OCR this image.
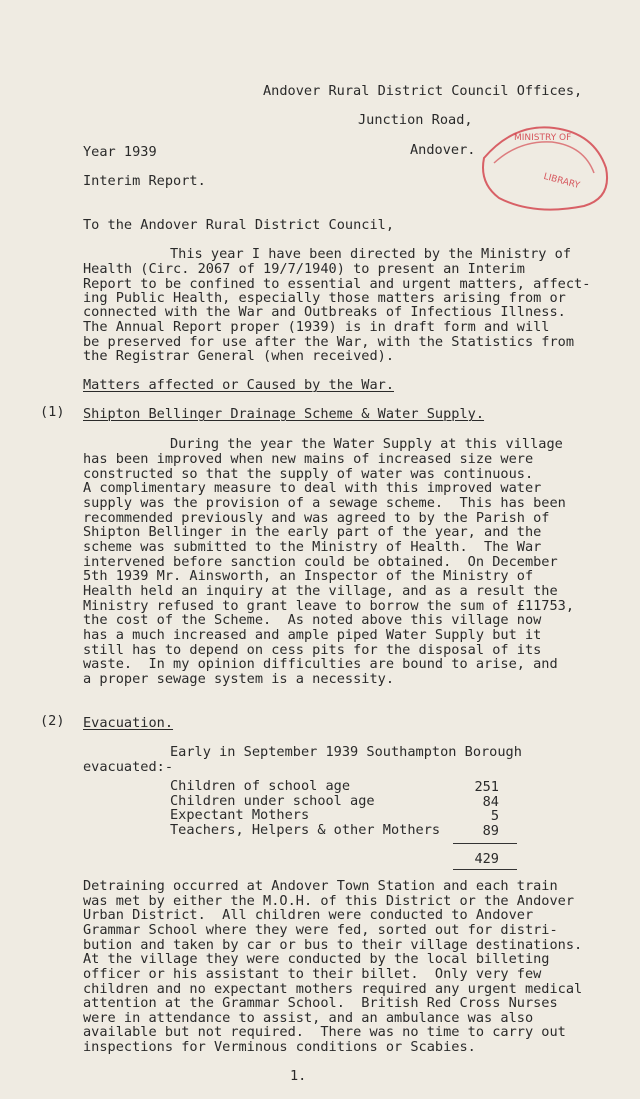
Andover Rural District Council Offices,
Junction Road,
Andover.
Year 1939
Interim Report.
MINISTRY OF
LIBRARY
To the Andover Rural District Council,
This year I have been directed by the Ministry of
Health (Circ. 2067 of 19/7/1940) to present an Interim
Report to be confined to essential and urgent matters, affect-
ing Public Health, especially those matters arising from or
connected with the War and Outbreaks of Infectious Illness.
The Annual Report proper (1939) is in draft form and will
be preserved for use after the War, with the Statistics from
the Registrar General (when received).
Matters affected or Caused by the War.
(1) Shipton Bellinger Drainage Scheme & Water Supply.
During the year the Water Supply at this village
has been improved when new mains of increased size were
constructed so that the supply of water was continuous.
A complimentary measure to deal with this improved water
supply was the provision of a sewage scheme.  This has been
recommended previously and was agreed to by the Parish of
Shipton Bellinger in the early part of the year, and the
scheme was submitted to the Ministry of Health.  The War
intervened before sanction could be obtained.  On December
5th 1939 Mr. Ainsworth, an Inspector of the Ministry of
Health held an inquiry at the village, and as a result the
Ministry refused to grant leave to borrow the sum of £11753,
the cost of the Scheme.  As noted above this village now
has a much increased and ample piped Water Supply but it
still has to depend on cess pits for the disposal of its
waste.  In my opinion difficulties are bound to arise, and
a proper sewage system is a necessity.
(2) Evacuation.
Early in September 1939 Southampton Borough
evacuated:-
Children of school age	251
Children under school age	84
Expectant Mothers	5
Teachers, Helpers & other Mothers	89
429
Detraining occurred at Andover Town Station and each train
was met by either the M.O.H. of this District or the Andover
Urban District.  All children were conducted to Andover
Grammar School where they were fed, sorted out for distri-
bution and taken by car or bus to their village destinations.
At the village they were conducted by the local billeting
officer or his assistant to their billet.  Only very few
children and no expectant mothers required any urgent medical
attention at the Grammar School.  British Red Cross Nurses
were in attendance to assist, and an ambulance was also
available but not required.  There was no time to carry out
inspections for Verminous conditions or Scabies.
1.
